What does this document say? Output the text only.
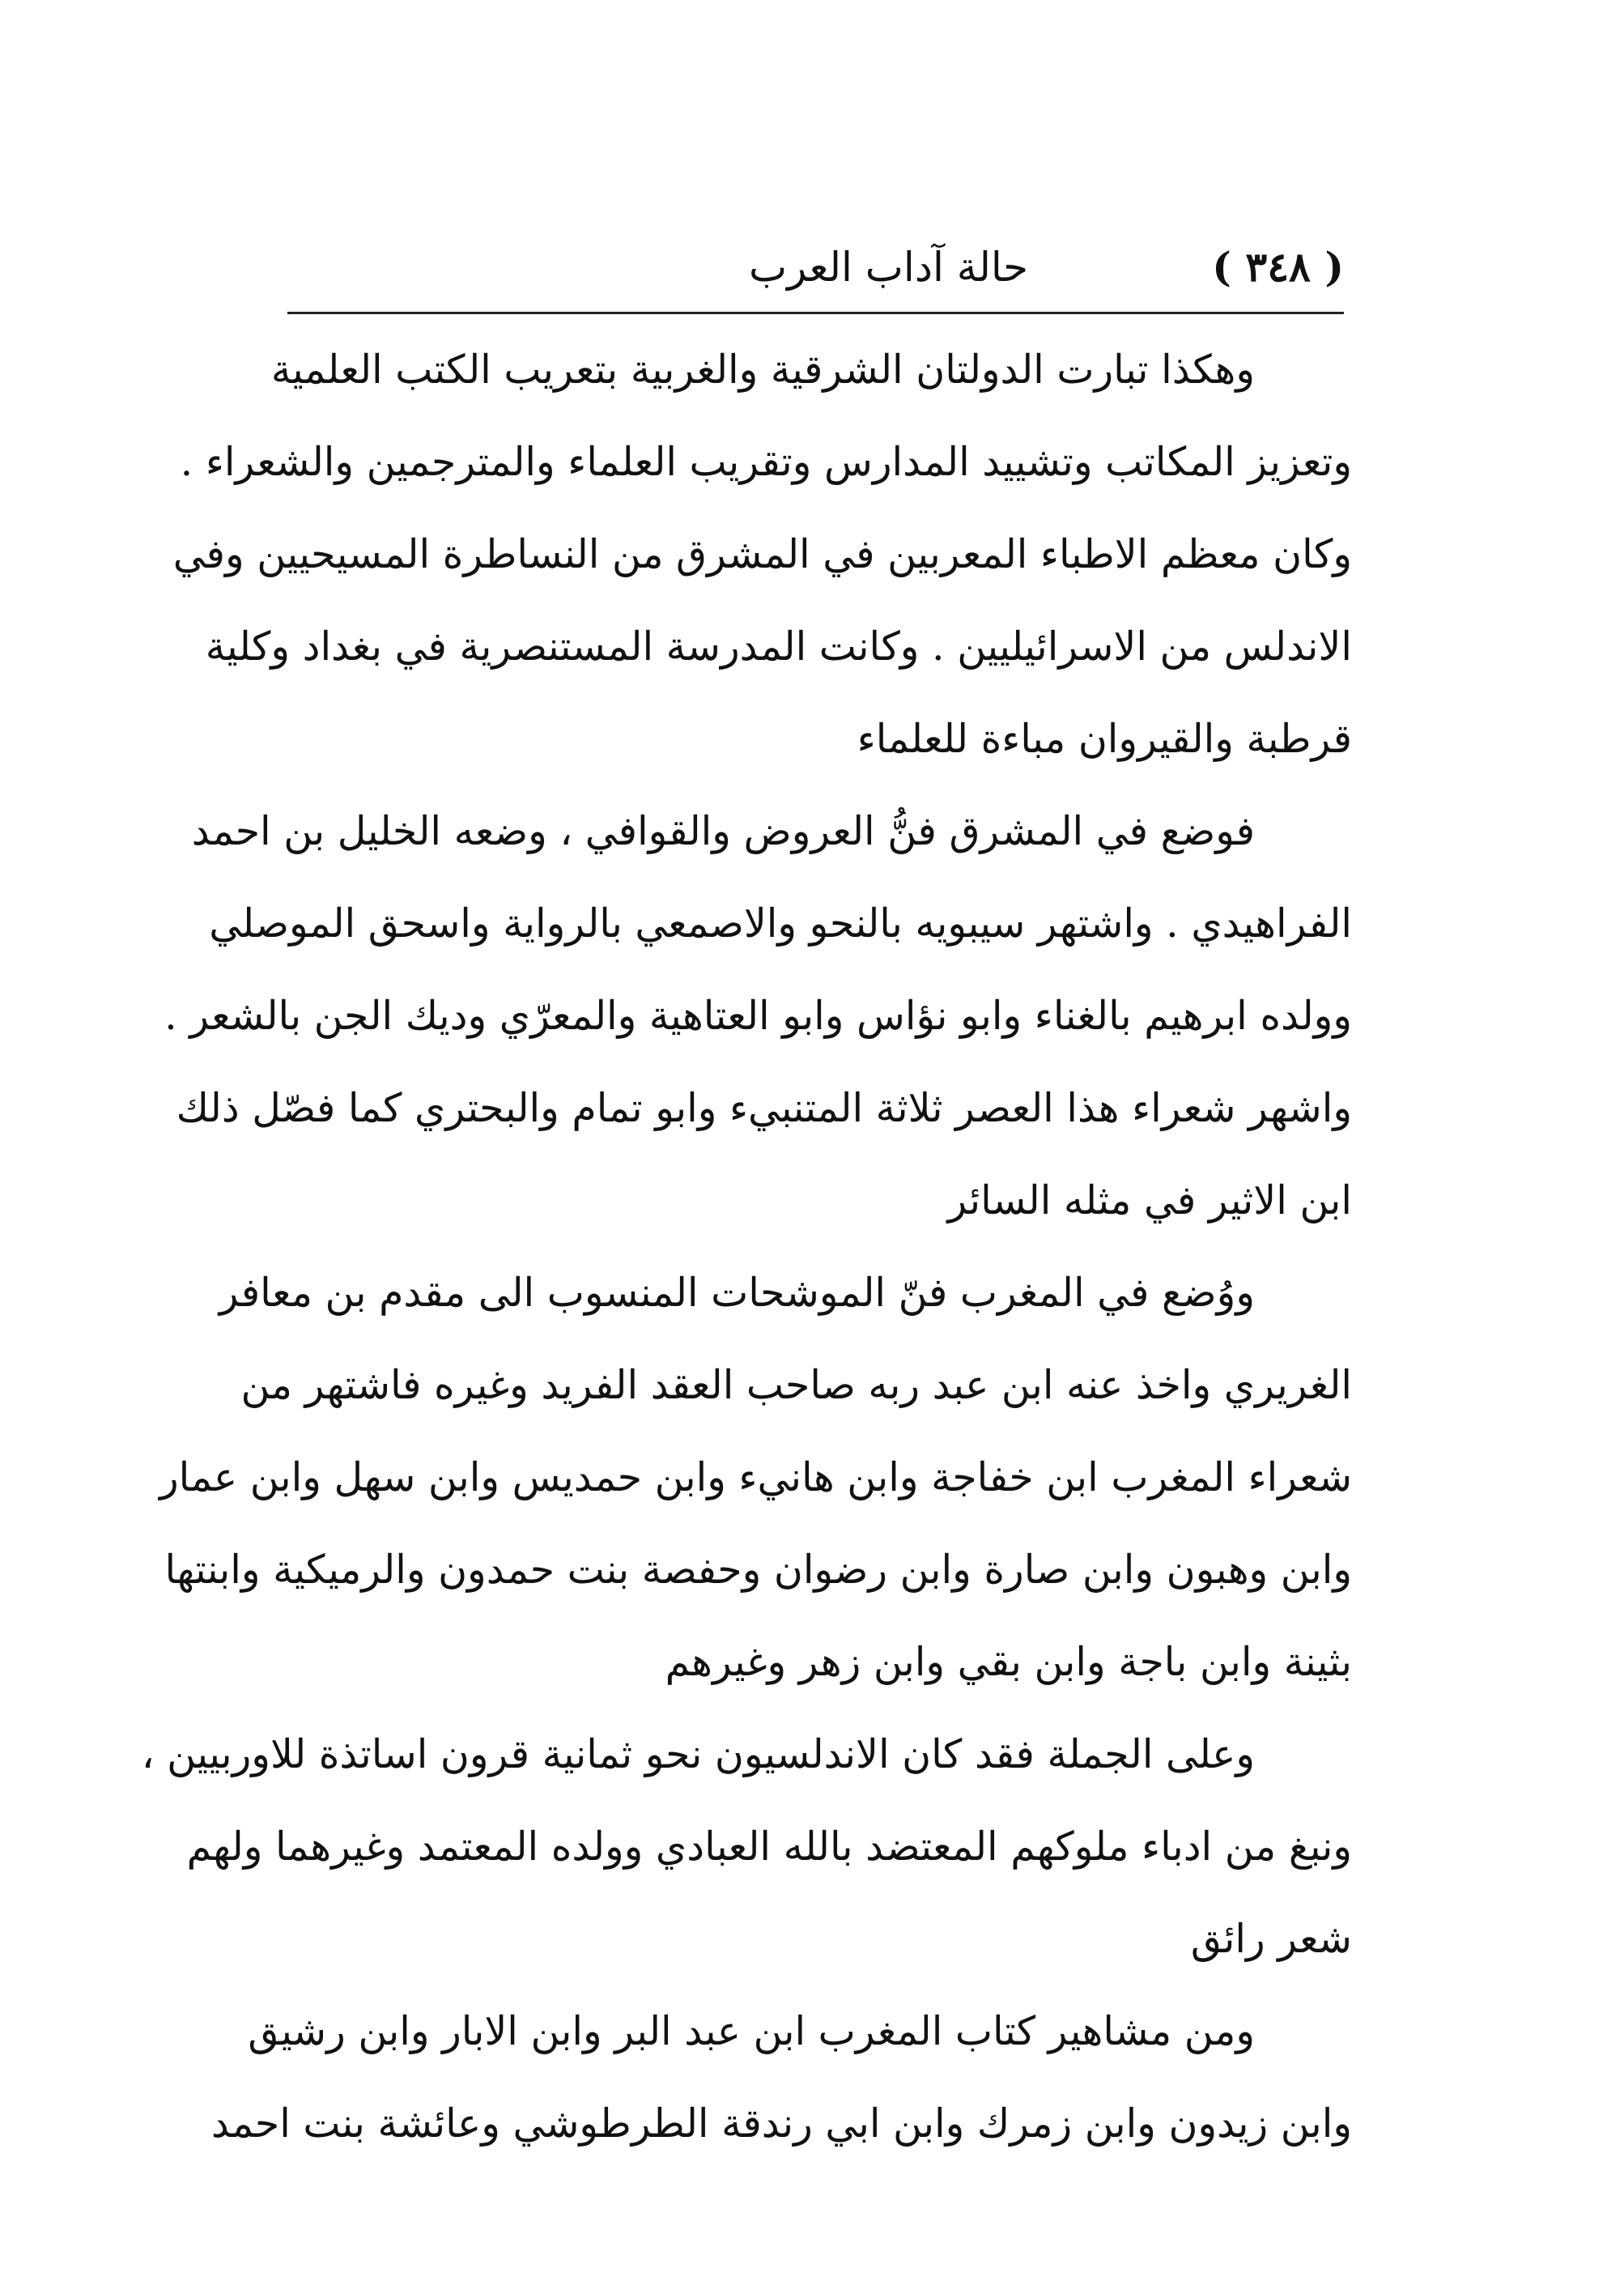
( ٣٤٨ )
حالة آداب العرب
وهكذا تبارت الدولتان الشرقية والغربية بتعريب الكتب العلمية
وتعزيز المكاتب وتشييد المدارس وتقريب العلماء والمترجمين والشعراء .
وكان معظم الاطباء المعربين في المشرق من النساطرة المسيحيين وفي
الاندلس من الاسرائيليين . وكانت المدرسة المستنصرية في بغداد وكلية
قرطبة والقيروان مباءة للعلماء
فوضع في المشرق فنُّ العروض والقوافي ، وضعه الخليل بن احمد
الفراهيدي . واشتهر سيبويه بالنحو والاصمعي بالرواية واسحق الموصلي
وولده ابرهيم بالغناء وابو نؤاس وابو العتاهية والمعرّي وديك الجن بالشعر .
واشهر شعراء هذا العصر ثلاثة المتنبيء وابو تمام والبحتري كما فصّل ذلك
ابن الاثير في مثله السائر
ووُضع في المغرب فنّ الموشحات المنسوب الى مقدم بن معافر
الغريري واخذ عنه ابن عبد ربه صاحب العقد الفريد وغيره فاشتهر من
شعراء المغرب ابن خفاجة وابن هانيء وابن حمديس وابن سهل وابن عمار
وابن وهبون وابن صارة وابن رضوان وحفصة بنت حمدون والرميكية وابنتها
بثينة وابن باجة وابن بقي وابن زهر وغيرهم
وعلى الجملة فقد كان الاندلسيون نحو ثمانية قرون اساتذة للاوربيين ،
ونبغ من ادباء ملوكهم المعتضد بالله العبادي وولده المعتمد وغيرهما ولهم
شعر رائق
ومن مشاهير كتاب المغرب ابن عبد البر وابن الابار وابن رشيق
وابن زيدون وابن زمرك وابن ابي رندقة الطرطوشي وعائشة بنت احمد
